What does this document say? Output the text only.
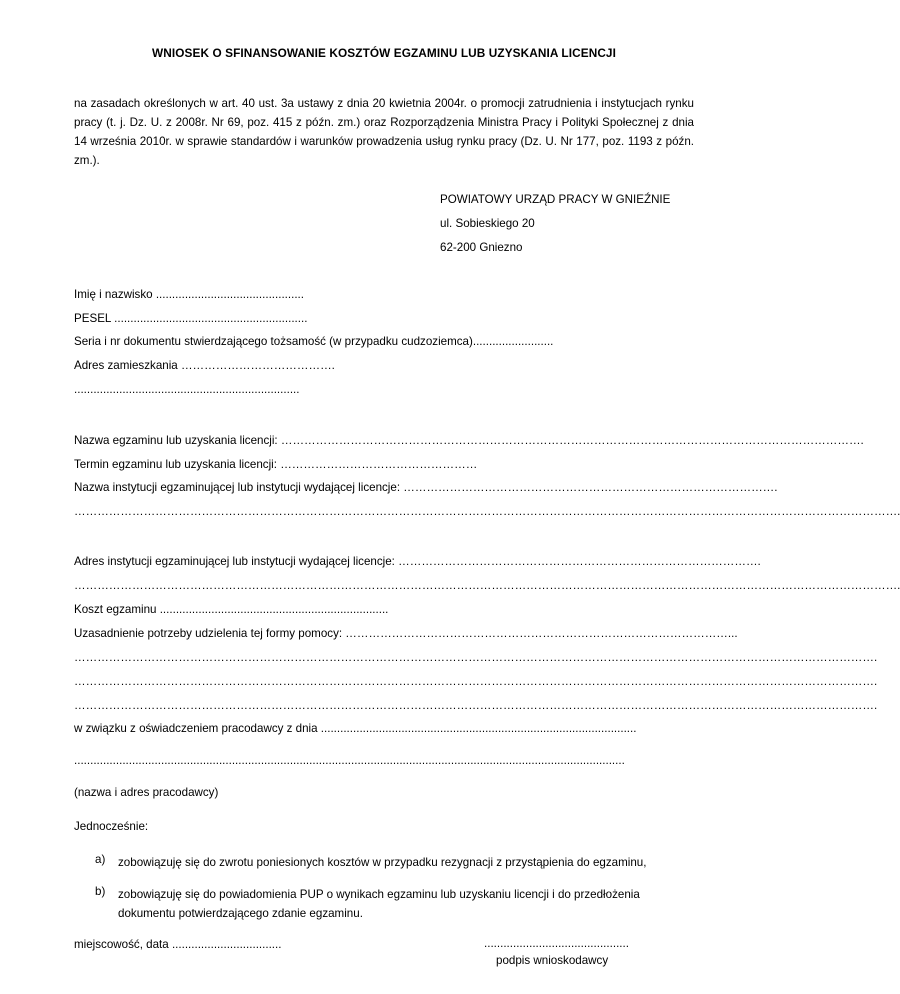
WNIOSEK O SFINANSOWANIE KOSZTÓW EGZAMINU LUB UZYSKANIA LICENCJI
na zasadach określonych w art. 40 ust. 3a ustawy z dnia 20 kwietnia 2004r. o promocji zatrudnienia i instytucjach rynku pracy (t. j. Dz. U. z 2008r. Nr 69, poz. 415 z późn. zm.) oraz Rozporządzenia Ministra Pracy i Polityki Społecznej z dnia 14 września 2010r. w sprawie standardów i warunków prowadzenia usług rynku pracy (Dz. U. Nr 177, poz. 1193 z późn. zm.).
POWIATOWY URZĄD PRACY W GNIEŹNIE
ul. Sobieskiego 20
62-200 Gniezno
Imię i nazwisko ..............................................
PESEL ............................................................
Seria i nr dokumentu stwierdzającego tożsamość (w przypadku cudzoziemca).........................
Adres zamieszkania ………………………………….
......................................................................
Nazwa egzaminu lub uzyskania licencji: …………………………………………………………………………………………………………………………………….
Termin egzaminu lub uzyskania licencji: ……………………………………………
Nazwa instytucji egzaminującej lub instytucji wydającej licencje: …………………………………………………………………………………….
…………………………………………………………………………………………………………………………………………………………………………………………….
Adres instytucji egzaminującej lub instytucji wydającej licencje: ………………………………………………………………………………….
…………………………………………………………………………………………………………………………………………………………………………………………….
Koszt egzaminu .......................................................................
Uzasadnienie potrzeby udzielenia tej formy pomocy: ………………………………………………………………………………………...
……………………………………………………………………………………………………………………………………………………………………………………….
……………………………………………………………………………………………………………………………………………………………………………………….
……………………………………………………………………………………………………………………………………………………………………………………….
w związku z oświadczeniem pracodawcy z dnia ..................................................................................................
...........................................................................................................................................................................
(nazwa i adres pracodawcy)
Jednocześnie:
a) zobowiązuję się do zwrotu poniesionych kosztów w przypadku rezygnacji z przystąpienia do egzaminu,
b) zobowiązuję się do powiadomienia PUP o wynikach egzaminu lub uzyskaniu licencji i do przedłożenia dokumentu potwierdzającego zdanie egzaminu.
miejscowość, data ..................................	.............................................
podpis wnioskodawcy
